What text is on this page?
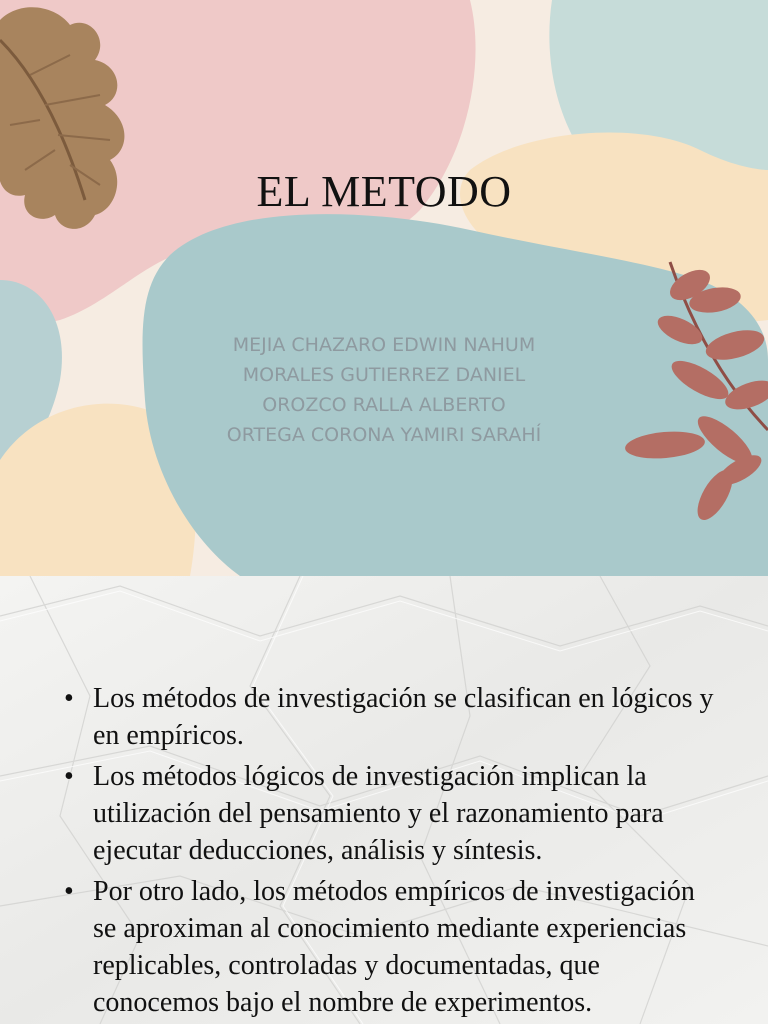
EL METODO
MEJIA CHAZARO EDWIN NAHUM
MORALES GUTIERREZ DANIEL
OROZCO RALLA ALBERTO
ORTEGA CORONA YAMIRI SARAHÍ
• Los métodos de investigación se clasifican en lógicos y en empíricos.
• Los métodos lógicos de investigación implican la utilización del pensamiento y el razonamiento para ejecutar deducciones, análisis y síntesis.
• Por otro lado, los métodos empíricos de investigación se aproximan al conocimiento mediante experiencias replicables, controladas y documentadas, que conocemos bajo el nombre de experimentos.
